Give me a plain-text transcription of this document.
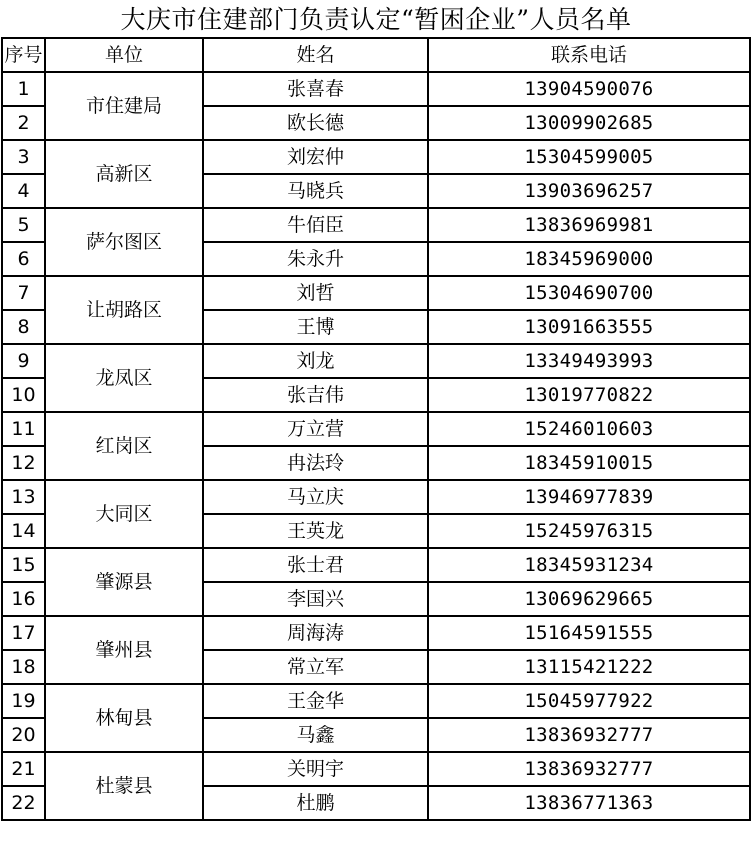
大庆市住建部门负责认定“暂困企业”人员名单
序号	单位	姓名	联系电话
1	市住建局	张喜春	13904590076
2		欧长德	13009902685
3	高新区	刘宏仲	15304599005
4		马晓兵	13903696257
5	萨尔图区	牛佰臣	13836969981
6		朱永升	18345969000
7	让胡路区	刘哲	15304690700
8		王博	13091663555
9	龙凤区	刘龙	13349493993
10		张吉伟	13019770822
11	红岗区	万立营	15246010603
12		冉法玲	18345910015
13	大同区	马立庆	13946977839
14		王英龙	15245976315
15	肇源县	张士君	18345931234
16		李国兴	13069629665
17	肇州县	周海涛	15164591555
18		常立军	13115421222
19	林甸县	王金华	15045977922
20		马鑫	13836932777
21	杜蒙县	关明宇	13836932777
22		杜鹏	13836771363
